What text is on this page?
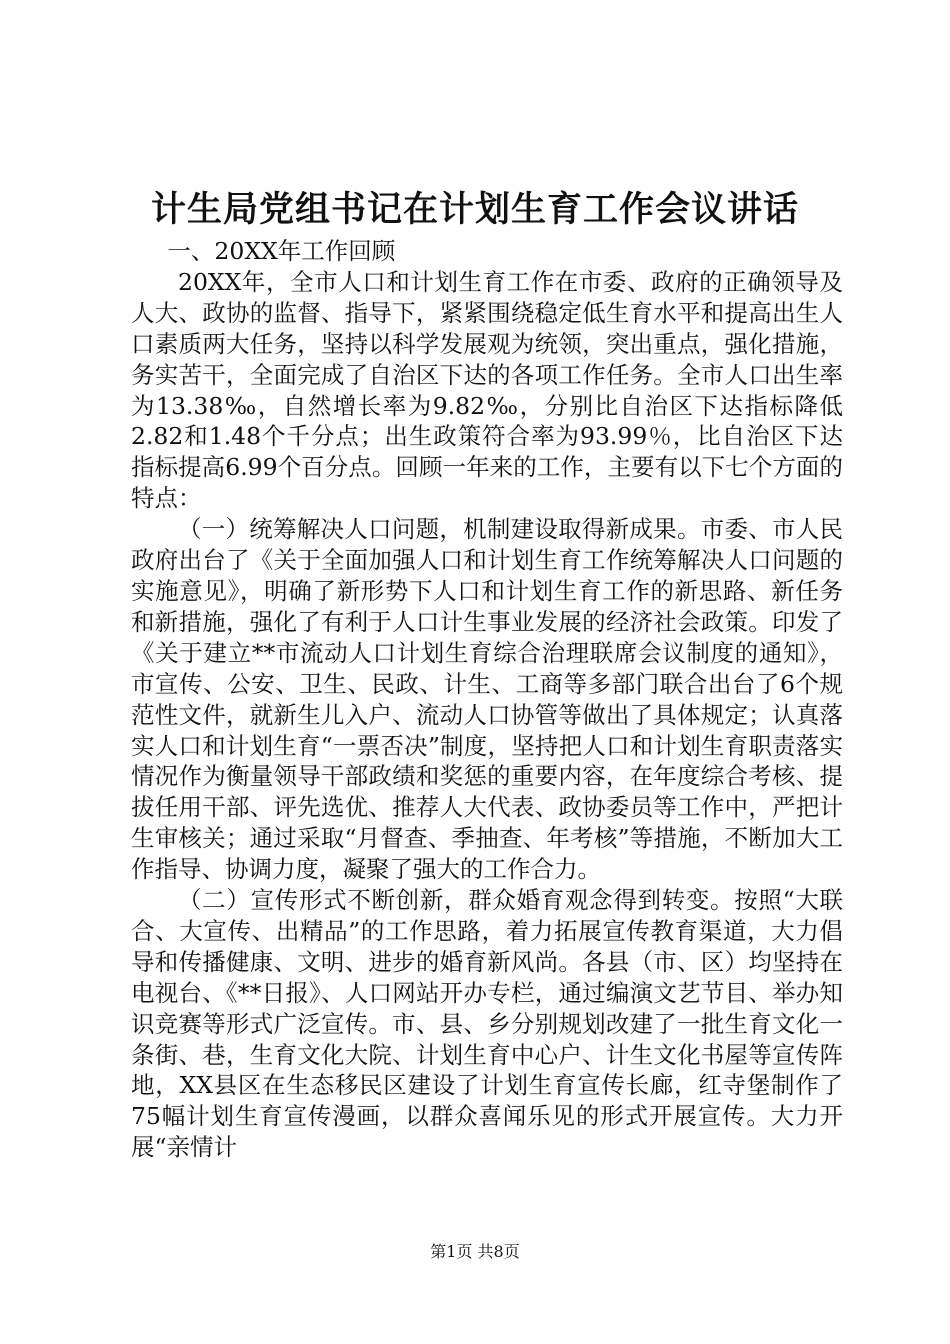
计生局党组书记在计划生育工作会议讲话

一、20XX年工作回顾

20XX年，全市人口和计划生育工作在市委、政府的正确领导及人大、政协的监督、指导下，紧紧围绕稳定低生育水平和提高出生人口素质两大任务，坚持以科学发展观为统领，突出重点，强化措施，务实苦干，全面完成了自治区下达的各项工作任务。全市人口出生率为13.38‰，自然增长率为9.82‰，分别比自治区下达指标降低2.82和1.48个千分点；出生政策符合率为93.99％，比自治区下达指标提高6.99个百分点。回顾一年来的工作，主要有以下七个方面的特点：

（一）统筹解决人口问题，机制建设取得新成果。市委、市人民政府出台了《关于全面加强人口和计划生育工作统筹解决人口问题的实施意见》，明确了新形势下人口和计划生育工作的新思路、新任务和新措施，强化了有利于人口计生事业发展的经济社会政策。印发了《关于建立**市流动人口计划生育综合治理联席会议制度的通知》，市宣传、公安、卫生、民政、计生、工商等多部门联合出台了6个规范性文件，就新生儿入户、流动人口协管等做出了具体规定；认真落实人口和计划生育“一票否决”制度，坚持把人口和计划生育职责落实情况作为衡量领导干部政绩和奖惩的重要内容，在年度综合考核、提拔任用干部、评先选优、推荐人大代表、政协委员等工作中，严把计生审核关；通过采取“月督查、季抽查、年考核”等措施，不断加大工作指导、协调力度，凝聚了强大的工作合力。

（二）宣传形式不断创新，群众婚育观念得到转变。按照“大联合、大宣传、出精品”的工作思路，着力拓展宣传教育渠道，大力倡导和传播健康、文明、进步的婚育新风尚。各县（市、区）均坚持在电视台、《**日报》、人口网站开办专栏，通过编演文艺节目、举办知识竞赛等形式广泛宣传。市、县、乡分别规划改建了一批生育文化一条街、巷，生育文化大院、计划生育中心户、计生文化书屋等宣传阵地，XX县区在生态移民区建设了计划生育宣传长廊，红寺堡制作了75幅计划生育宣传漫画，以群众喜闻乐见的形式开展宣传。大力开展“亲情计

第1页 共8页
